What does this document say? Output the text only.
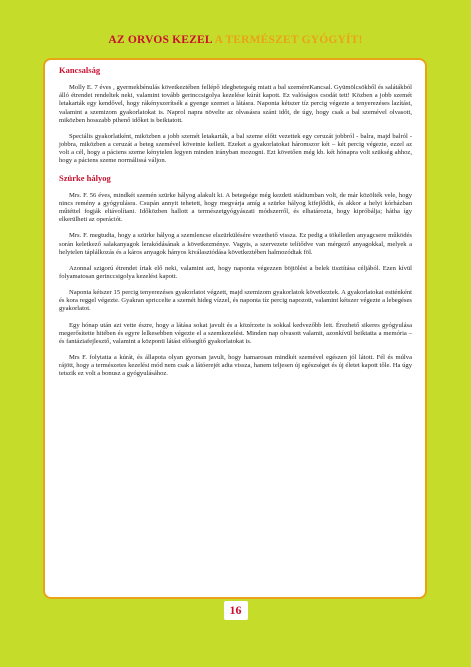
AZ ORVOS KEZEL A TERMÉSZET GYÓGYÍT!
Kancsalság

Molly E. 7 éves , gyermekbénulás következtében fellépő idegbetegség miatt a bal szeméreKancsal. Gyümölcsökből és salátákból álló étrendet rendeltek neki, valamint tovább gerinccsigolya kezelése kúrát kapott. Ez valóságos csodát tett! Közben a jobb szemét letakarták egy kendővel, hogy rákényszerítsék a gyenge szemet a látásra. Naponta kétszer tíz percig végezte a tenyerezéses lazítást, valamint a szemizom gyakorlatokat is. Naprol napra növelte az olvasásra szánt időt, de úgy, hogy csak a bal szemével olvasott, miközben hosszabb pihenő időket is beiktatott.

Speciális gyakorlatként, miközben a jobb szemét letakarták, a bal szeme előtt vezettek egy ceruzát jobbról - balra, majd balról - jobbra, miközben a ceruzát a beteg szemével követnie kellett. Ezeket a gyakorlatokat háromszor két – két percig végezte, ezzel az volt a cél, hogy a páciens szeme kénytelen legyen minden irányban mozogni. Ezt követően még kb. két hónapra volt szükség ahhoz, hogy a páciens szeme normálissá váljon.

Szürke hályog

Mrs. F. 56 éves, mindkét szemén szürke hályog alakult ki. A betegsége még kezdeti stádiumban volt, de már közölték vele, hogy nincs remény a gyógyulásra. Csupán annyit tehetett, hogy megvárja amíg a szürke hályog kifejlődik, és akkor a helyi kórházban műtéttel fogják eltávolítani. Időközben hallott a természetgyógyászati módszerről, és elhatározta, hogy kipróbálja; hátha így elkerülheti az operációt.

Mrs. F. megtudta, hogy a szürke hályog a szemlencse elszürkülésére vezethető vissza. Ez pedig a tökéletlen anyagcsere működés során keletkező salakanyagok lerakódásának a következménye. Vagyis, a szervezete telítődve van mérgező anyagokkal, melyek a helytelen táplálkozás és a káros anyagok hányos kiválasztódása következtében halmozódtak föl.

Azonnal szigorú étrendet írtak elő neki, valamint azt, hogy naponta végezzen böjtölést a belek tisztítása céljából. Ezen kívül folyamatosan gerinccsigolya kezelést kapott.

Naponta kétszer 15 percig tenyerezéses gyakorlatot végzett, majd szemizom gyakorlatok következtek. A gyakorlatokat estténként és kora reggel végezte. Gyakran spriccelte a szemét hideg vízzel, és naponta tíz percig napozott, valamint kétszer végezte a lebegéses gyakorlatot.

Egy hónap után azt vette észre, hogy a látása sokat javult és a közérzete is sokkal kedvezőbb lett. Érezhető sikeres gyógyulása megerősítette hitében és egyre lelkesebben végezte el a szemkezelést. Minden nap olvasott valamit, azonkívül beiktatta a memória – és fantáziafejlesztő, valamint a központi látást elősegítő gyakorlatokat is.

Mrs F. folytatta a kúrát, és állapota olyan gyorsan javult, hogy hamarosan mindkét szemével egészen jól látott. Fél és múlva rájött, hogy a természetes kezelési mód nem csak a látóerejét adta vissza, hanem teljesen új egészséget és új életet kapott tőle. Ha úgy tetszik ez volt a bonusz a gyógyulásához.

16
